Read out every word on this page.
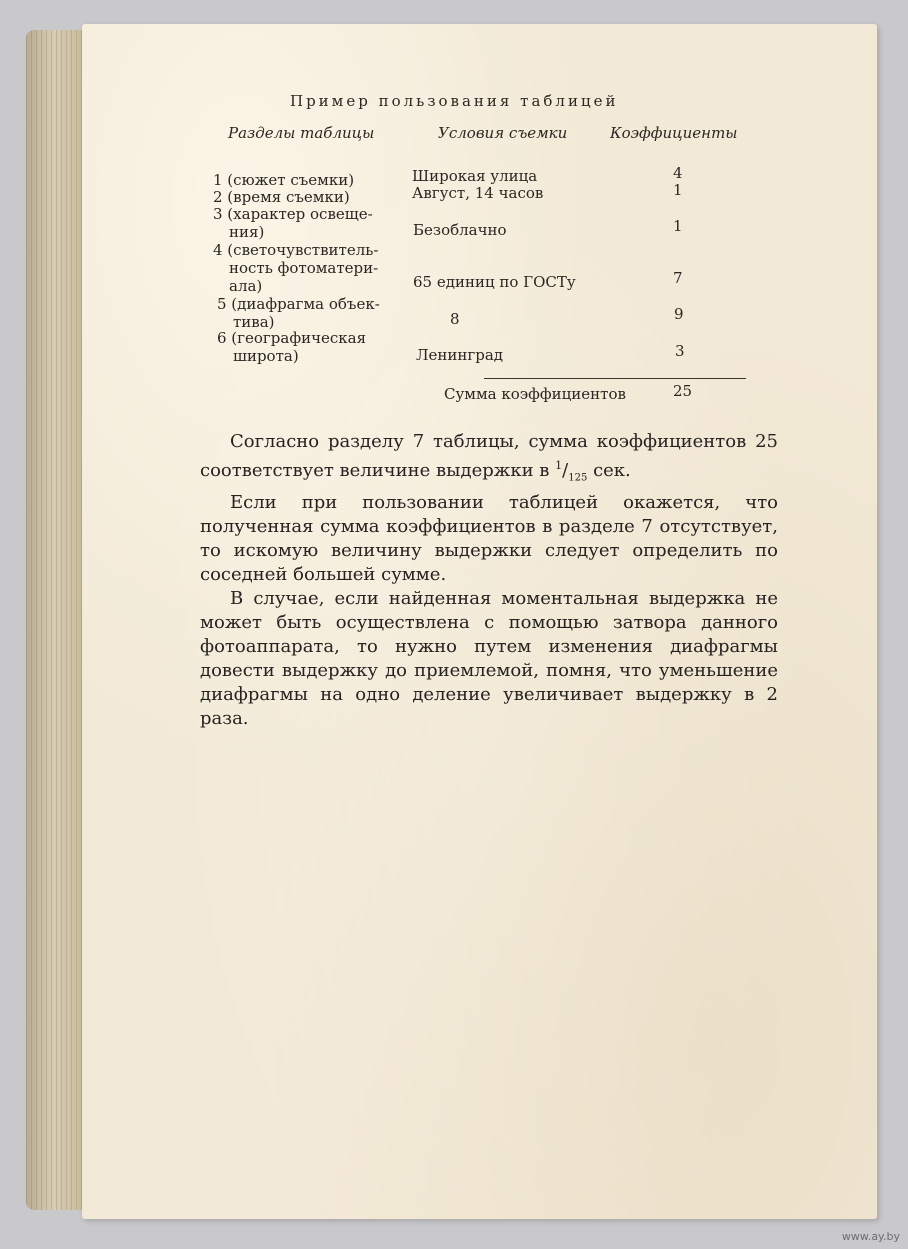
Пример пользования таблицей
Разделы таблицы	Условия съемки	Коэффициенты
1 (сюжет съемки)	Широкая улица	4
2 (время съемки)	Август, 14 часов	1
3 (характер освеще-
ния)	Безоблачно	1
4 (светочувствитель-
ность фотоматери-
ала)	65 единиц по ГОСТу	7
5 (диафрагма объек-
тива)	8	9
6 (географическая
широта)	Ленинград	3
Сумма коэффициентов	25

Согласно разделу 7 таблицы, сумма коэффициентов 25 соответствует величине выдержки в $^1/_{125}$ сек.

Если при пользовании таблицей окажется, что полученная сумма коэффициентов в разделе 7 отсутствует, то искомую величину выдержки следует определить по соседней большей сумме.

В случае, если найденная моментальная выдержка не может быть осуществлена с помощью затвора данного фотоаппарата, то нужно путем изменения диафрагмы довести выдержку до приемлемой, помня, что уменьшение диафрагмы на одно деление увеличивает выдержку в 2 раза.

www.ay.by
